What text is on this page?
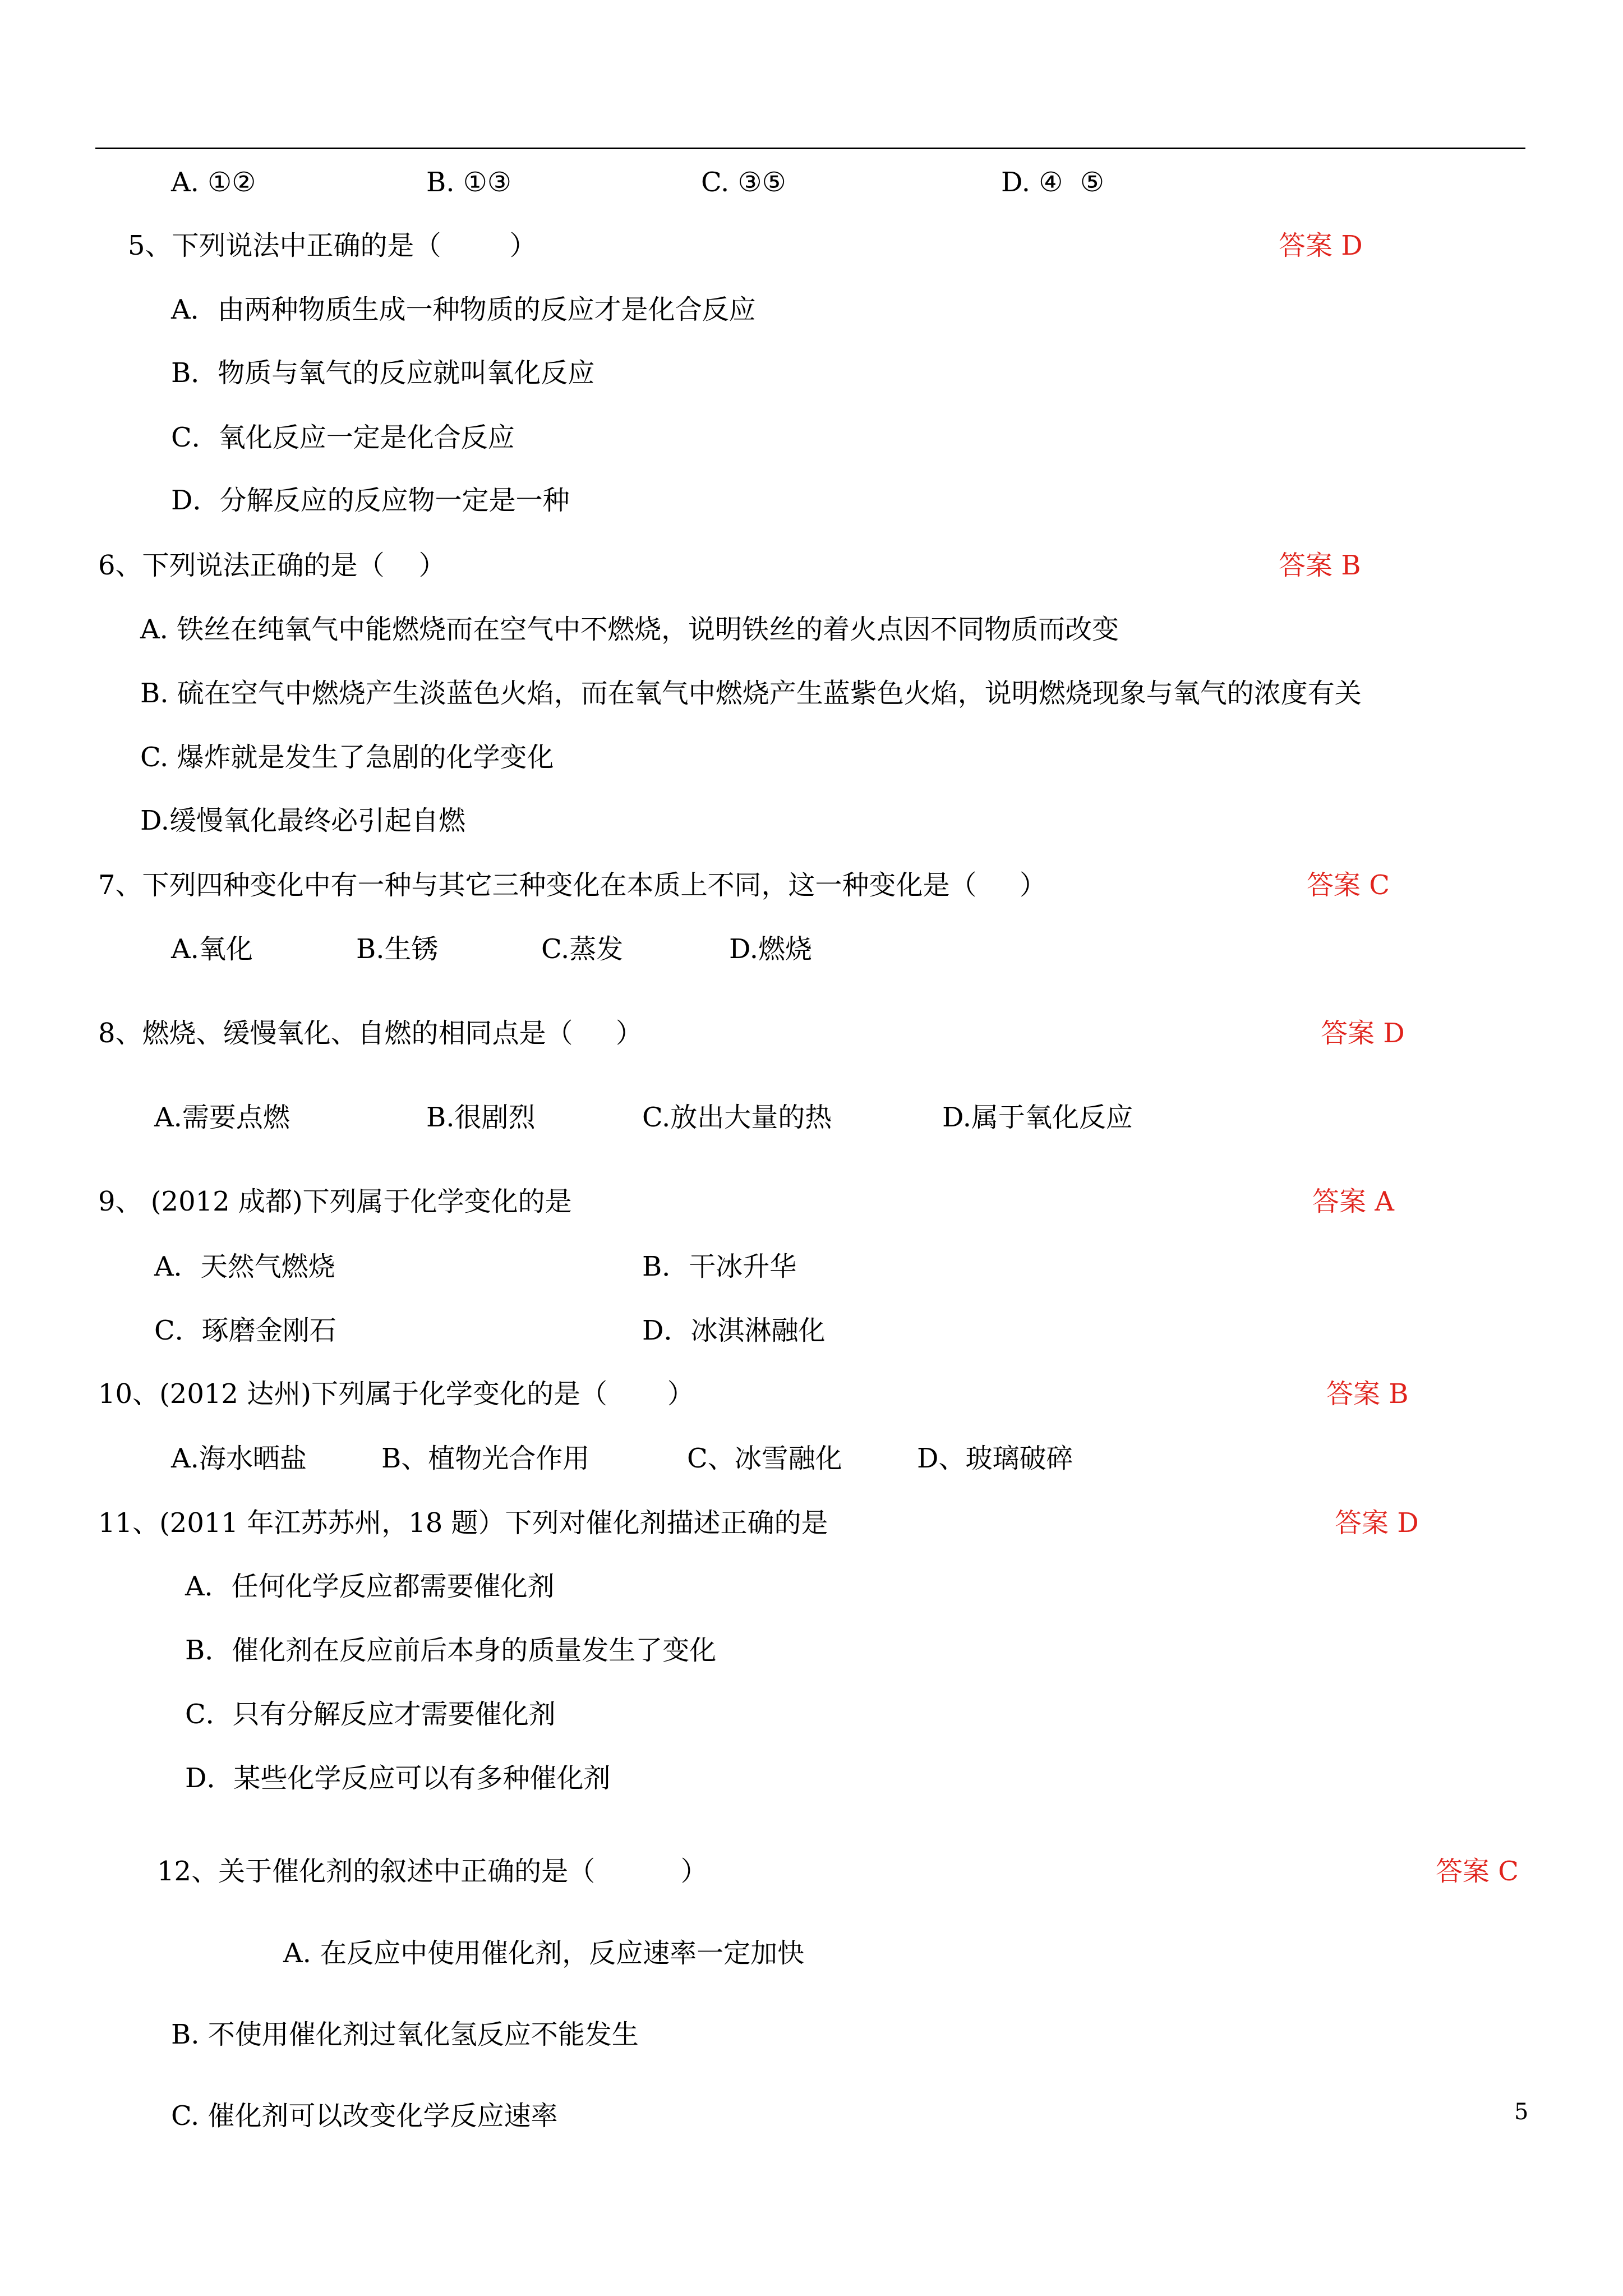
A. ①②	B. ①③	C. ③⑤	D. ④  ⑤
5、下列说法中正确的是（        ）	答案 D
A．由两种物质生成一种物质的反应才是化合反应
B．物质与氧气的反应就叫氧化反应
C．氧化反应一定是化合反应
D．分解反应的反应物一定是一种
6、下列说法正确的是（    ）	答案 B
A. 铁丝在纯氧气中能燃烧而在空气中不燃烧，说明铁丝的着火点因不同物质而改变
B. 硫在空气中燃烧产生淡蓝色火焰，而在氧气中燃烧产生蓝紫色火焰，说明燃烧现象与氧气的浓度有关
C. 爆炸就是发生了急剧的化学变化
D.缓慢氧化最终必引起自燃
7、下列四种变化中有一种与其它三种变化在本质上不同，这一种变化是（     ）	答案 C
A.氧化	B.生锈	C.蒸发	D.燃烧
8、燃烧、缓慢氧化、自燃的相同点是（     ）	答案 D
A.需要点燃	B.很剧烈	C.放出大量的热	D.属于氧化反应
9、 (2012 成都)下列属于化学变化的是	答案 A
A．天然气燃烧	B．干冰升华
C．琢磨金刚石	D．冰淇淋融化
10、(2012 达州)下列属于化学变化的是（       ）	答案 B
A.海水晒盐	B、植物光合作用	C、冰雪融化	D、玻璃破碎
11、(2011 年江苏苏州，18 题）下列对催化剂描述正确的是	答案 D
A．任何化学反应都需要催化剂
B．催化剂在反应前后本身的质量发生了变化
C．只有分解反应才需要催化剂
D．某些化学反应可以有多种催化剂
12、关于催化剂的叙述中正确的是（          ）	答案 C
A. 在反应中使用催化剂，反应速率一定加快
B. 不使用催化剂过氧化氢反应不能发生
C. 催化剂可以改变化学反应速率	5
